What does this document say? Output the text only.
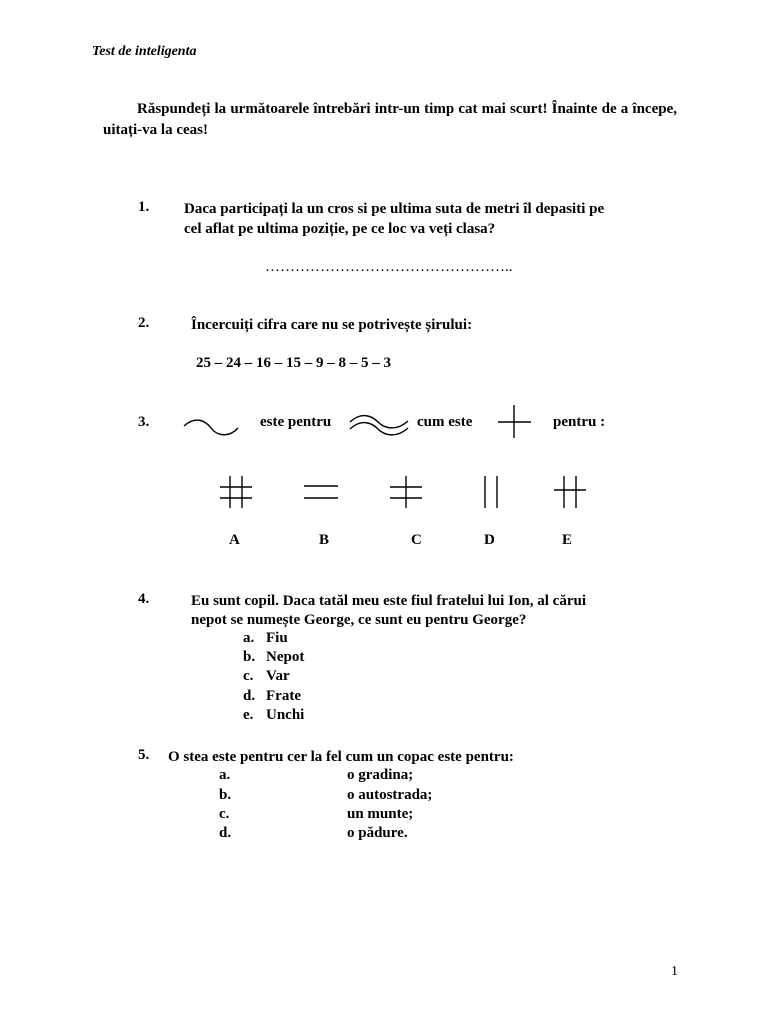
Test de inteligenta
Răspundeți la următoarele întrebări intr-un timp cat mai scurt! Înainte de a începe, uitați-va la ceas!
1. Daca participați la un cros si pe ultima suta de metri îl depasiti pe
cel aflat pe ultima poziție, pe ce loc va veți clasa?
…………………………………………..
2.	Încercuiți cifra care nu se potrivește șirului:
25 – 24 – 16 – 15 – 9 – 8 – 5 – 3
3.	este pentru	cum este	pentru :
A	B	C	D	E
4.	Eu sunt copil. Daca tatăl meu este fiul fratelui lui Ion, al cărui
nepot se numește George, ce sunt eu pentru George?
a. Fiu
b. Nepot
c. Var
d. Frate
e. Unchi
5. O stea este pentru cer la fel cum un copac este pentru:
a.	o gradina;
b.	o autostrada;
c.	un munte;
d.	o pădure.
1
